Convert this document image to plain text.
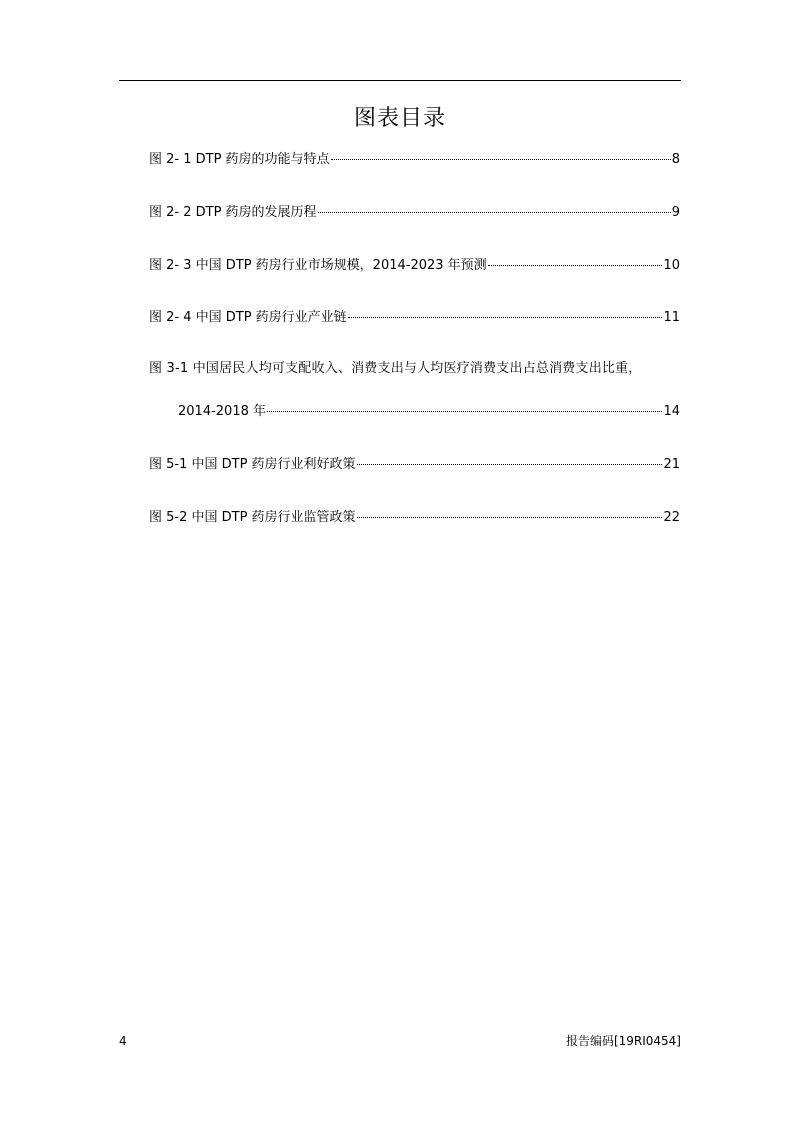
图表目录
图 2- 1 DTP 药房的功能与特点	8
图 2- 2 DTP 药房的发展历程	9
图 2- 3 中国 DTP 药房行业市场规模，2014-2023 年预测	10
图 2- 4 中国 DTP 药房行业产业链	11
图 3-1 中国居民人均可支配收入、消费支出与人均医疗消费支出占总消费支出比重，
2014-2018 年	14
图 5-1 中国 DTP 药房行业利好政策	21
图 5-2 中国 DTP 药房行业监管政策	22
4	报告编码[19RI0454]
